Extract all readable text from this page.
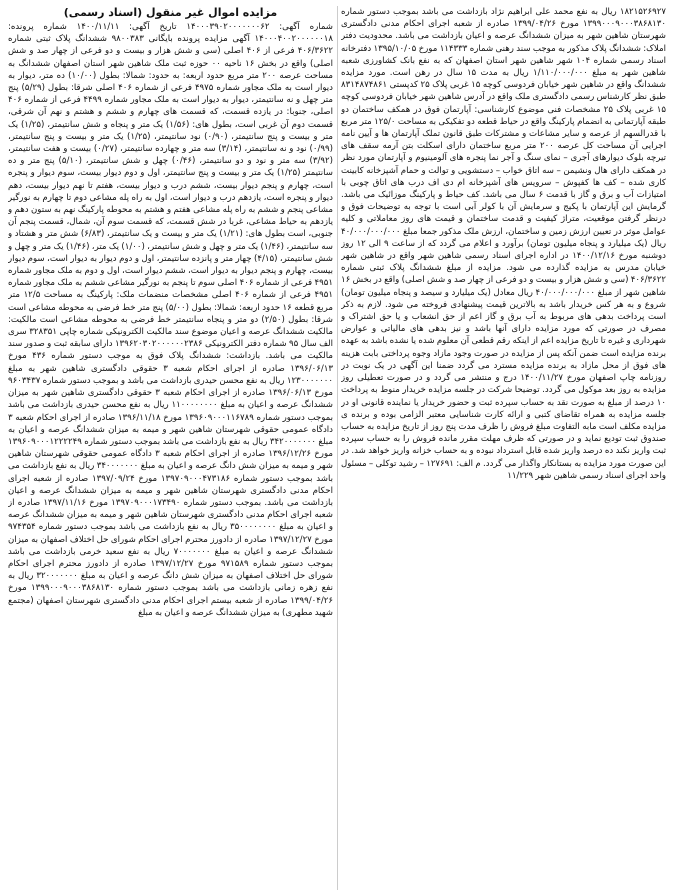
۱۸۲۱۵۲۶۹۲۷ ریال به نفع محمد علی ابراهیم نژاد بازداشت می باشد بموجب دستور شماره ۱۳۹۹۰۰۰۹۰۰۰۳۸۶۸۱۳۰ مورخ ۱۳۹۹/۰۴/۲۶ صادره از شعبه اجرای احکام مدنی دادگستری شهرستان شاهین شهر به میزان ششدانگ عرصه و اعیان بازداشت می باشد. محدودیت دفتر املاک: ششدانگ پلاک مذکور به موجب سند رهنی شماره ۱۱۴۳۳۳ مورخ ۱۳۹۵/۱۰/۰۵ دفترخانه اسناد رسمی شماره ۱۰۴ شهر شاهین شهر استان اصفهان که به نفع بانک کشاورزی شعبه شاهین شهر به مبلغ ۱/۱۱۰/۰۰۰/۰۰۰ ریال به مدت ۱۵ سال در رهن است. مورد مزایده ششدانگ واقع در شاهین شهر خیابان فردوسی کوچه ۱۵ غربی پلاک ۲۵ کدپستی ۸۳۱۴۸۷۴۸۶۱ طبق نظر کارشناس رسمی دادگستری ملک واقع در آدرس شاهین شهر خیابان فردوسی کوچه ۱۵ غربی پلاک ۲۵ مشخصات فنی موضوع کارشناسی: آپارتمان فوق در همکف ساختمان دو طبقه آپارتمانی به انضمام پارکینگ واقع در حیاط قطعه دو تفکیکی به مساحت ۱۲۵/۰ متر مربع با قدرالسهم از عرصه و سایر مشاعات و مشترکات طبق قانون تملک آپارتمان ها و آیین نامه اجرایی آن مساحت کل عرصه ۲۰۰ متر مربع ساختمان دارای اسکلت بتن آرمه سقف های تیرچه بلوک دیوارهای آجری – نمای سنگ و آجر نما پنجره های آلومینیوم و آپارتمان مورد نظر در همکف دارای هال ونشیمن – سه اتاق خواب – دستشویی و توالت و حمام آشپزخانه کابینت کاری شده – کف ها کفپوش – سرویس های آشپزخانه ام دی اف درب های اتاق چوبی با امتیازات آب و برق و گاز با قدمت ۶ سال می باشد. کف حیاط و پارکینگ موزائیک می باشد. گرمایش این آپارتمان با پکیج و سرمایش آن با کولر آبی است با توجه به توضیحات فوق و درنظر گرفتن موقعیت، متراژ کیفیت و قدمت ساختمان و قیمت های روز معاملاتی و کلیه عوامل موثر در تعیین ارزش زمین و ساختمان، ارزش ملک مذکور جمعا مبلغ ۴۰/۰۰۰/۰۰۰/۰۰۰ ریال (یک میلیارد و پنجاه میلیون تومان) برآورد و اعلام می گردد که از ساعت ۹ الی ۱۲ روز دوشنبه مورخ ۱۴۰۰/۱۲/۱۶ در اداره اجرای اسناد رسمی شاهین شهر واقع در شاهین شهر خیابان مدرس به مزایده گذارده می شود. مزایده از مبلغ ششدانگ پلاک ثبتی شماره ۴۰۶/۳۶۲۲ (سی و شش هزار و بیست و دو فرعی از چهار صد و شش اصلی) واقع در بخش ۱۶ شاهین شهر از مبلغ ۴۰/۰۰۰/۰۰۰/۰۰۰ ریال معادل (یک میلیارد و سیصد و پنجاه میلیون تومان) شروع و به هر کس خریدار باشد به بالاترین قیمت پیشنهادی فروخته می شود. لازم به ذکر است پرداخت بدهی های مربوط به آب برق و گاز اعم از حق انشعاب و یا حق اشتراک و مصرف در صورتی که مورد مزایده دارای آنها باشد و نیز بدهی های مالیاتی و عوارض شهرداری و غیره تا تاریخ مزایده اعم از اینکه رقم قطعی آن معلوم شده یا نشده باشد به عهده برنده مزایده است ضمن آنکه پس از مزایده در صورت وجود مازاد وجوه پرداختی بابت هزینه های فوق از محل مازاد به برنده مزایده مسترد می گردد ضمنا این آگهی در یک نوبت در روزنامه چاپ اصفهان مورخ ۱۴۰۰/۱۱/۲۷ درج و منتشر می گردد و در صورت تعطیلی روز مزایده به روز بعد موکول می گردد. توضیحا شرکت در جلسه مزایده خریدار منوط به پرداخت ۱۰ درصد از مبلغ به صورت نقد به حساب سپرده ثبت و حضور خریدار یا نماینده قانونی او در جلسه مزایده به همراه تقاضای کتبی و ارائه کارت شناسایی معتبر الزامی بوده و برنده ی مزایده مکلف است مابه التفاوت مبلغ فروش را ظرف مدت پنج روز از تاریخ مزایده به حساب صندوق ثبت تودیع نماید و در صورتی که ظرف مهلت مقرر مانده فروش را به حساب سپرده ثبت واریز نکند ده درصد واریز شده قابل استرداد نبوده و به حساب خزانه واریز خواهد شد. در این صورت مورد مزایده به بستانکار واگذار می گردد. م الف: ۱۲۷۶۹۱ – رشید توکلی – مسئول واحد اجرای اسناد رسمی شاهین شهر ۱۱/۲۲۹

مزایده اموال غیر منقول (اسناد رسمی)

شماره آگهی: ۱۴۰۰۰۳۹۰۲۰۰۰۰۰۰۰۶۲ تاریخ آگهی: ۱۴۰۰/۱۱/۱۱ شماره پرونده: ۱۴۰۰۰۴۰۰۲۰۰۰۰۰۰۱۸ آگهی مزایده پرونده بایگانی ۹۸۰۰۳۸۳ ششدانگ پلاک ثبتی شماره ۴۰۶/۳۶۲۲ فرعی از ۴۰۶ اصلی (سی و شش هزار و بیست و دو فرعی از چهار صد و شش اصلی) واقع در بخش ۱۶ ناحیه ۰۰ حوزه ثبت ملک شاهین شهر استان اصفهان ششدانگ به مساحت عرصه ۲۰۰ متر مربع حدود اربعه: به حدود: شمالا: بطول (۱۰/۰۰) ده متر، دیوار به دیوار است به ملک مجاور شماره ۴۹۷۵ فرعی از شماره ۴۰۶ اصلی شرقا: بطول (۵/۲۹) پنج متر چهل و نه سانتیمتر، دیوار به دیوار است به ملک مجاور شماره ۴۴۹۹ فرعی از شماره ۴۰۶ اصلی، جنوبا: در یازده قسمت، که قسمت های چهارم و ششم و هشتم و نهم آن شرقی، قسمت دوم آن غربی است، بطول های: (۱/۵۶) یک متر و پنجاه و شش سانتیمتر، (۱/۲۵) یک متر و بیست و پنج سانتیمتر، (۰/۹۰) نود سانتیمتر، (۱/۲۵) یک متر و بیست و پنج سانتیمتر، (۰/۹۹) نود و نه سانتیمتر، (۳/۱۴) سه متر و چهارده سانتیمتر، (۰/۲۷) بیست و هفت سانتیمتر، (۳/۹۲) سه متر و نود و دو سانتیمتر، (۰/۴۶) چهل و شش سانتیمتر، (۵/۱۰) پنج متر و ده سانتیمتر (۱/۲۵) یک متر و بیست و پنج سانتیمتر، اول و دوم دیوار بیست، سوم دیوار و پنجره است، چهارم و پنجم دیوار بیست، ششم درب و دیوار بیست، هفتم تا نهم دیوار بیست، دهم دیوار و پنجره است، یازدهم درب و دیوار است، اول به راه پله مشاعی دوم تا چهارم به نورگیر مشاعی پنجم و ششم به راه پله مشاعی هفتم و هشتم به محوطه پارکینگ نهم به ستون دهم و یازدهم به حیاط مشاعی، غربا در شش قسمت، که قسمت سوم آن، شمال، قسمت پنجم آن جنوبی، است بطول های: (۱/۲۱) یک متر و بیست و یک سانتیمتر، (۶/۸۳) شش متر و هشتاد و سه سانتیمتر، (۱/۴۶) یک متر و چهل و شش سانتیمتر، (۱/۰۰) یک متر، (۱/۴۶) یک متر و چهل و شش سانتیمتر، (۴/۱۵) چهار متر و پانزده سانتیمتر، اول و دوم دیوار به دیوار است، سوم دیوار بیست، چهارم و پنجم دیوار به دیوار است، ششم دیوار است، اول و دوم به ملک مجاور شماره ۴۹۵۱ فرعی از شماره ۴۰۶ اصلی سوم تا پنجم به نورگیر مشاعی ششم به ملک مجاور شماره ۴۹۵۱ فرعی از شماره ۴۰۶ اصلی مشخصات منضمات ملک: پارکینگ به مساحت ۱۲/۵ متر مربع قطعه ۱۶ حدود اربعه: شمالا: بطول (۵/۰۰) پنج متر خط فرضی به محوطه مشاعی است شرقا: بطول (۲/۵۰) دو متر و پنجاه سانتیمتر خط فرضی به محوطه مشاعی است مالکیت: مالکیت ششدانگ عرصه و اعیان موضوع سند مالکیت الکترونیکی شماره چاپی ۳۲۸۳۵۱ سری الف سال ۹۵ شماره دفتر الکترونیکی ۱۳۹۶۲۰۳۰۲۰۰۰۰۰۰۲۳۸۶ دارای سابقه ثبت و صدور سند مالکیت می باشد. بازداشت: ششدانگ پلاک فوق به موجب دستور شماره ۴۳۶ مورخ ۱۳۹۶/۰۶/۱۳ صادره از اجرای احکام شعبه ۳ حقوقی دادگستری شاهین شهر به مبلغ ۱۲۳۰۰۰۰۰۰۰ ریال به نفع محسن حیدری بازداشت می باشد و بموجب دستور شماره ۹۶۰۳۴۳۷ مورخ ۱۳۹۶/۰۶/۱۳ صادره از اجرای احکام شعبه ۳ حقوقی دادگستری شاهین شهر به میزان ششدانگ عرصه و اعیان به مبلغ ۱۱۰۰۰۰۰۰۰۰ ریال به نفع محسن حیدری بازداشت می باشد بموجب دستور شماره ۱۳۹۶۰۹۰۰۰۱۱۶۷۸۹ مورخ ۱۳۹۶/۱۱/۱۸ صادره از اجرای احکام شعبه ۳ دادگاه عمومی حقوقی شهرستان شاهین شهر و میمه به میزان ششدانگ عرصه و اعیان به مبلغ ۳۴۲۰۰۰۰۰۰۰ ریال به نفع بازداشت می باشد بموجب دستور شماره ۱۳۹۶۰۹۰۰۰۱۲۲۲۲۴۹ مورخ ۱۳۹۶/۱۲/۲۶ صادره از اجرای احکام شعبه ۳ دادگاه عمومی حقوقی شهرستان شاهین شهر و میمه به میزان شش دانگ عرصه و اعیان به مبلغ ۳۴۰۰۰۰۰۰۰ ریال به نفع بازداشت می باشد بموجب دستور شماره ۱۳۹۷۰۹۰۰۰۴۷۳۱۸۶ مورخ ۱۳۹۷/۰۹/۲۴ صادره از شعبه اجرای احکام مدنی دادگستری شهرستان شاهین شهر و میمه به میزان ششدانگ عرصه و اعیان بازداشت می باشد. بموجب دستور شماره ۱۳۹۷۰۹۰۰۰۱۷۳۴۹۰ مورخ ۱۳۹۷/۱۱/۱۶ صادره از شعبه اجرای احکام مدنی دادگستری شهرستان شاهین شهر و میمه به میزان ششدانگ عرصه و اعیان به مبلغ ۳۵۰۰۰۰۰۰۰۰ ریال به نفع بازداشت می باشد بموجب دستور شماره ۹۷۴۳۵۴ مورخ ۱۳۹۷/۱۲/۲۷ صادره از دادورز محترم اجرای احکام شورای حل اختلاف اصفهان به میزان ششدانگ عرصه و اعیان به مبلغ ۷۰۰۰۰۰۰۰ ریال به نفع سعید خرمی بازداشت می باشد بموجب دستور شماره ۹۷۱۵۸۹ مورخ ۱۳۹۷/۱۲/۲۷ صادره از دادورز محترم اجرای احکام شورای حل اختلاف اصفهان به میزان شش دانگ عرصه و اعیان به مبلغ ۳۲۰۰۰۰۰۰۰ ریال به نفع زهره زمانی بازداشت می باشد بموجب دستور شماره ۱۳۹۹۰۰۰۹۰۰۰۳۸۶۸۱۳۰ مورخ ۱۳۹۹/۰۴/۲۶ صادره از شعبه بیستم اجرای احکام مدنی دادگستری شهرستان اصفهان (مجتمع شهید مطهری) به میزان ششدانگ عرصه و اعیان به مبلغ
